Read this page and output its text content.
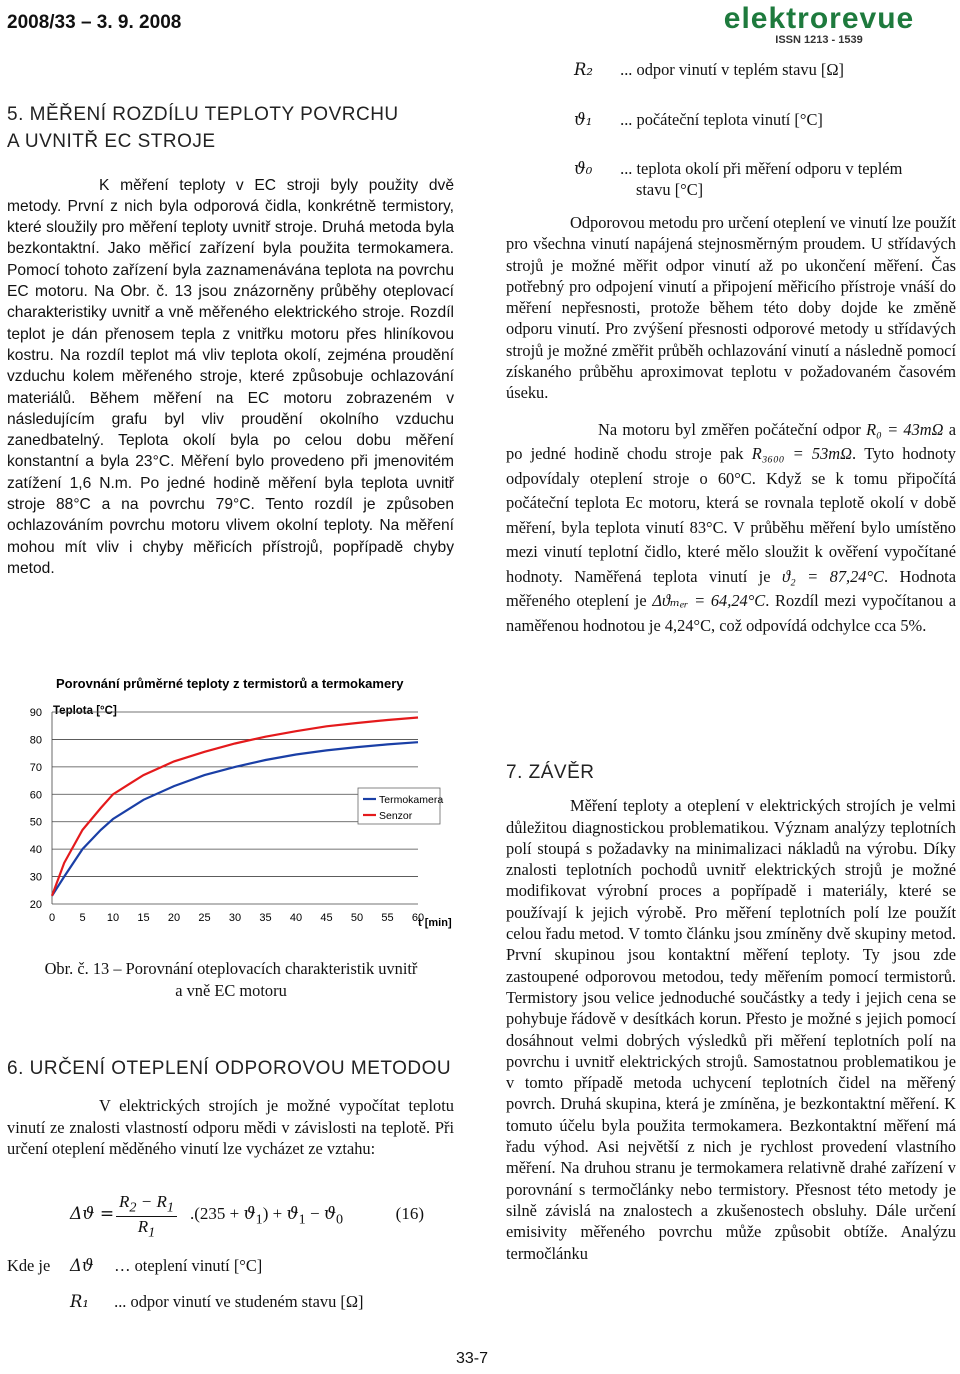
2008/33 – 3. 9. 2008	elektrorevue
ISSN 1213 - 1539
5. MĚŘENÍ ROZDÍLU TEPLOTY POVRCHU
A UVNITŘ EC STROJE

K měření teploty v EC stroji byly použity dvě metody. První z nich byla odporová čidla, konkrétně termistory, které sloužily pro měření teploty uvnitř stroje. Druhá metoda byla bezkontaktní. Jako měřicí zařízení byla použita termokamera. Pomocí tohoto zařízení byla zaznamenávána teplota na povrchu EC motoru. Na Obr. č. 13 jsou znázorněny průběhy oteplovací charakteristiky uvnitř a vně měřeného elektrického stroje. Rozdíl teplot je dán přenosem tepla z vnitřku motoru přes hliníkovou kostru. Na rozdíl teplot má vliv teplota okolí, zejména proudění vzduchu kolem měřeného stroje, které způsobuje ochlazování materiálů. Během měření na EC motoru zobrazeném v následujícím grafu byl vliv proudění okolního vzduchu zanedbatelný. Teplota okolí byla po celou dobu měření konstantní a byla 23°C. Měření bylo provedeno při jmenovitém zatížení 1,6 N.m. Po jedné hodině měření byla teplota uvnitř stroje 88°C a na povrchu 79°C. Tento rozdíl je způsoben ochlazováním povrchu motoru vlivem okolní teploty. Na měření mohou mít vliv i chyby měřicích přístrojů, popřípadě chyby metod.

Porovnání průměrné teploty z termistorů a termokamery
Teplota [°C]
t [min]
20
30
40
50
60
70
80
90
0 5 10 15 20 25 30 35 40 45 50 55 60
Termokamera
Senzor
Obr. č. 13 – Porovnání oteplovacích charakteristik uvnitř
a vně EC motoru
6. URČENÍ OTEPLENÍ ODPOROVOU METODOU

V elektrických strojích je možné vypočítat teplotu vinutí ze znalosti vlastností odporu mědi v závislosti na teplotě. Při určení oteplení měděného vinutí lze vycházet ze vztahu:

$\Delta ϑ = \frac{R_2 - R_1}{R_1} .(235 + ϑ_1) + ϑ_1 - ϑ_0$	(16)
Kde je Δϑ … oteplení vinutí [°C]
R₁ ... odpor vinutí ve studeném stavu [Ω]
R₂ ... odpor vinutí v teplém stavu [Ω]
ϑ₁ ... počáteční teplota vinutí [°C]
ϑ₀ ... teplota okolí při měření odporu v teplém
stavu [°C]

Odporovou metodu pro určení oteplení ve vinutí lze použít pro všechna vinutí napájená stejnosměrným proudem. U střídavých strojů je možné měřit odpor vinutí až po ukončení měření. Čas potřebný pro odpojení vinutí a připojení měřicího přístroje vnáší do měření nepřesnosti, protože během této doby dojde ke změně odporu vinutí. Pro zvýšení přesnosti odporové metody u střídavých strojů je možné změřit průběh ochlazování vinutí a následně pomocí získaného průběhu aproximovat teplotu v požadovaném časovém úseku.

Na motoru byl změřen počáteční odpor R₀ = 43mΩ a po jedné hodině chodu stroje pak R₃₆₀₀ = 53mΩ. Tyto hodnoty odpovídaly oteplení stroje o 60°C. Když se k tomu připočítá počáteční teplota Ec motoru, která se rovnala teplotě okolí v době měření, byla teplota vinutí 83°C. V průběhu měření bylo umístěno mezi vinutí teplotní čidlo, které mělo sloužit k ověření vypočítané hodnoty. Naměřená teplota vinutí je ϑ₂ = 87,24°C. Hodnota měřeného oteplení je Δϑₘₑᵣ = 64,24°C. Rozdíl mezi vypočítanou a naměřenou hodnotou je 4,24°C, což odpovídá odchylce cca 5%.

7. ZÁVĚR

Měření teploty a oteplení v elektrických strojích je velmi důležitou diagnostickou problematikou. Význam analýzy teplotních polí stoupá s požadavky na minimalizaci nákladů na výrobu. Díky znalosti teplotních pochodů uvnitř elektrických strojů je možné modifikovat výrobní proces a popřípadě i materiály, které se používají k jejich výrobě. Pro měření teplotních polí lze použít celou řadu metod. V tomto článku jsou zmíněny dvě skupiny metod. První skupinou jsou kontaktní měření teploty. Ty jsou zde zastoupené odporovou metodou, tedy měřením pomocí termistorů. Termistory jsou velice jednoduché součástky a tedy i jejich cena se pohybuje řádově v desítkách korun. Přesto je možné s jejich pomocí dosáhnout velmi dobrých výsledků při měření teplotních polí na povrchu i uvnitř elektrických strojů. Samostatnou problematikou je v tomto případě metoda uchycení teplotních čidel na měřený povrch. Druhá skupina, která je zmíněna, je bezkontaktní měření. K tomuto účelu byla použita termokamera. Bezkontaktní měření má řadu výhod. Asi největší z nich je rychlost provedení vlastního měření. Na druhou stranu je termokamera relativně drahé zařízení v porovnání s termočlánky nebo termistory. Přesnost této metody je silně závislá na znalostech a zkušenostech obsluhy. Dále určení emisivity měřeného povrchu může způsobit obtíže. Analýzu termočlánku

33-7
